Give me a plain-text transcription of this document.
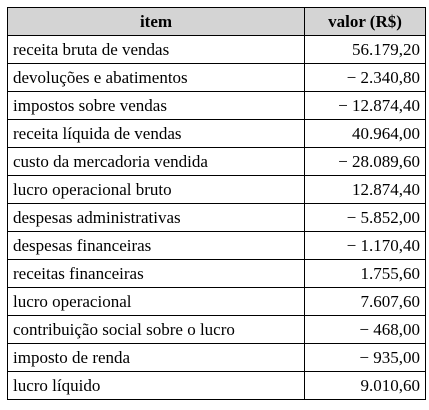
item	valor (R$)
receita bruta de vendas	56.179,20
devoluções e abatimentos	− 2.340,80
impostos sobre vendas	− 12.874,40
receita líquida de vendas	40.964,00
custo da mercadoria vendida	− 28.089,60
lucro operacional bruto	12.874,40
despesas administrativas	− 5.852,00
despesas financeiras	− 1.170,40
receitas financeiras	1.755,60
lucro operacional	7.607,60
contribuição social sobre o lucro	− 468,00
imposto de renda	− 935,00
lucro líquido	9.010,60
